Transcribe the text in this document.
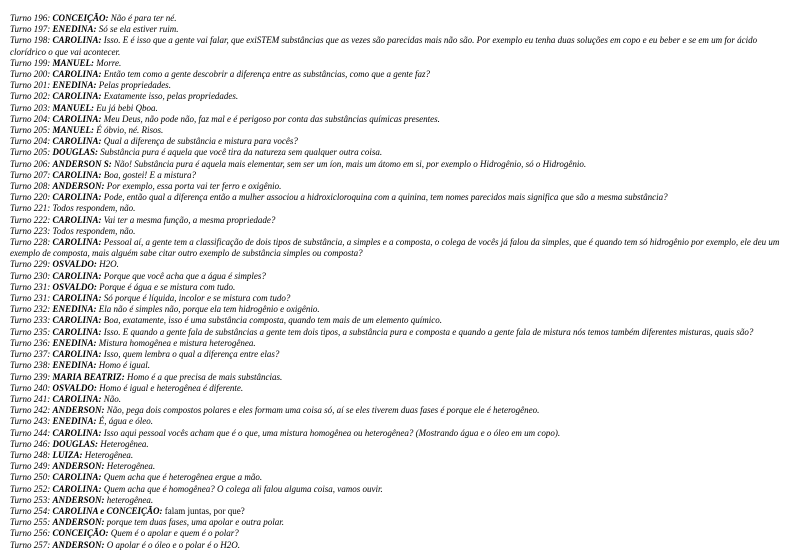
Turno 196: CONCEIÇÃO: Não é para ter né.

Turno 197: ENEDINA: Só se ela estiver ruim.

Turno 198: CAROLINA: Isso. E é isso que a gente vai falar, que exiSTEM substâncias que as vezes são parecidas mais não são. Por exemplo eu tenha duas soluções em copo e eu beber e se em um for ácido clorídrico o que vai acontecer.

Turno 199: MANUEL: Morre.

Turno 200: CAROLINA: Então tem como a gente descobrir a diferença entre as substâncias, como que a gente faz?

Turno 201: ENEDINA: Pelas propriedades.

Turno 202: CAROLINA: Exatamente isso, pelas propriedades.

Turno 203: MANUEL: Eu já bebi Qboa.

Turno 204: CAROLINA: Meu Deus, não pode não, faz mal e é perigoso por conta das substâncias químicas presentes.

Turno 205: MANUEL: É óbvio, né. Risos.

Turno 204: CAROLINA: Qual a diferença de substância e mistura para vocês?

Turno 205: DOUGLAS: Substância pura é aquela que você tira da natureza sem qualquer outra coisa.

Turno 206: ANDERSON S: Não! Substância pura é aquela mais elementar, sem ser um íon, mais um átomo em si, por exemplo o Hidrogênio, só o Hidrogênio.

Turno 207: CAROLINA: Boa, gostei! E a mistura?

Turno 208: ANDERSON: Por exemplo, essa porta vai ter ferro e oxigênio.

Turno 220: CAROLINA: Pode, então qual a diferença então a mulher associou a hidroxicloroquina com a quinina, tem nomes parecidos mais significa que são a mesma substância?

Turno 221: Todos respondem, não.

Turno 222: CAROLINA: Vai ter a mesma função, a mesma propriedade?

Turno 223: Todos respondem, não.

Turno 228: CAROLINA: Pessoal aí, a gente tem a classificação de dois tipos de substância, a simples e a composta, o colega de vocês já falou da simples, que é quando tem só hidrogênio por exemplo, ele deu um exemplo de composta, mais alguém sabe citar outro exemplo de substância simples ou composta?

Turno 229: OSVALDO: H2O.

Turno 230: CAROLINA: Porque que você acha que a água é simples?

Turno 231: OSVALDO: Porque é água e se mistura com tudo.

Turno 231: CAROLINA: Só porque é líquida, incolor e se mistura com tudo?

Turno 232: ENEDINA: Ela não é simples não, porque ela tem hidrogênio e oxigênio.

Turno 233: CAROLINA: Boa, exatamente, isso é uma substância composta, quando tem mais de um elemento químico.

Turno 235: CAROLINA: Isso. E quando a gente fala de substâncias a gente tem dois tipos, a substância pura e composta e quando a gente fala de mistura nós temos também diferentes misturas, quais são?

Turno 236: ENEDINA: Mistura homogênea e mistura heterogênea.

Turno 237: CAROLINA: Isso, quem lembra o qual a diferença entre elas?

Turno 238: ENEDINA: Homo é igual.

Turno 239: MARIA BEATRIZ: Homo é a que precisa de mais substâncias.

Turno 240: OSVALDO: Homo é igual e heterogênea é diferente.

Turno 241: CAROLINA: Não.

Turno 242: ANDERSON: Não, pega dois compostos polares e eles formam uma coisa só, aí se eles tiverem duas fases é porque ele é heterogêneo.

Turno 243: ENEDINA: É, água e óleo.

Turno 244: CAROLINA: Isso aqui pessoal vocês acham que é o que, uma mistura homogênea ou heterogênea? (Mostrando água e o óleo em um copo).

Turno 246: DOUGLAS: Heterogênea.

Turno 248: LUIZA: Heterogênea.

Turno 249: ANDERSON: Heterogênea.

Turno 250: CAROLINA: Quem acha que é heterogênea ergue a mão.

Turno 252: CAROLINA: Quem acha que é homogênea? O colega ali falou alguma coisa, vamos ouvir.

Turno 253: ANDERSON: heterogênea.

Turno 254: CAROLINA e CONCEIÇÃO: falam juntas, por que?

Turno 255: ANDERSON: porque tem duas fases, uma apolar e outra polar.

Turno 256: CONCEIÇÃO: Quem é o apolar e quem é o polar?

Turno 257: ANDERSON: O apolar é o óleo e o polar é o H2O.
